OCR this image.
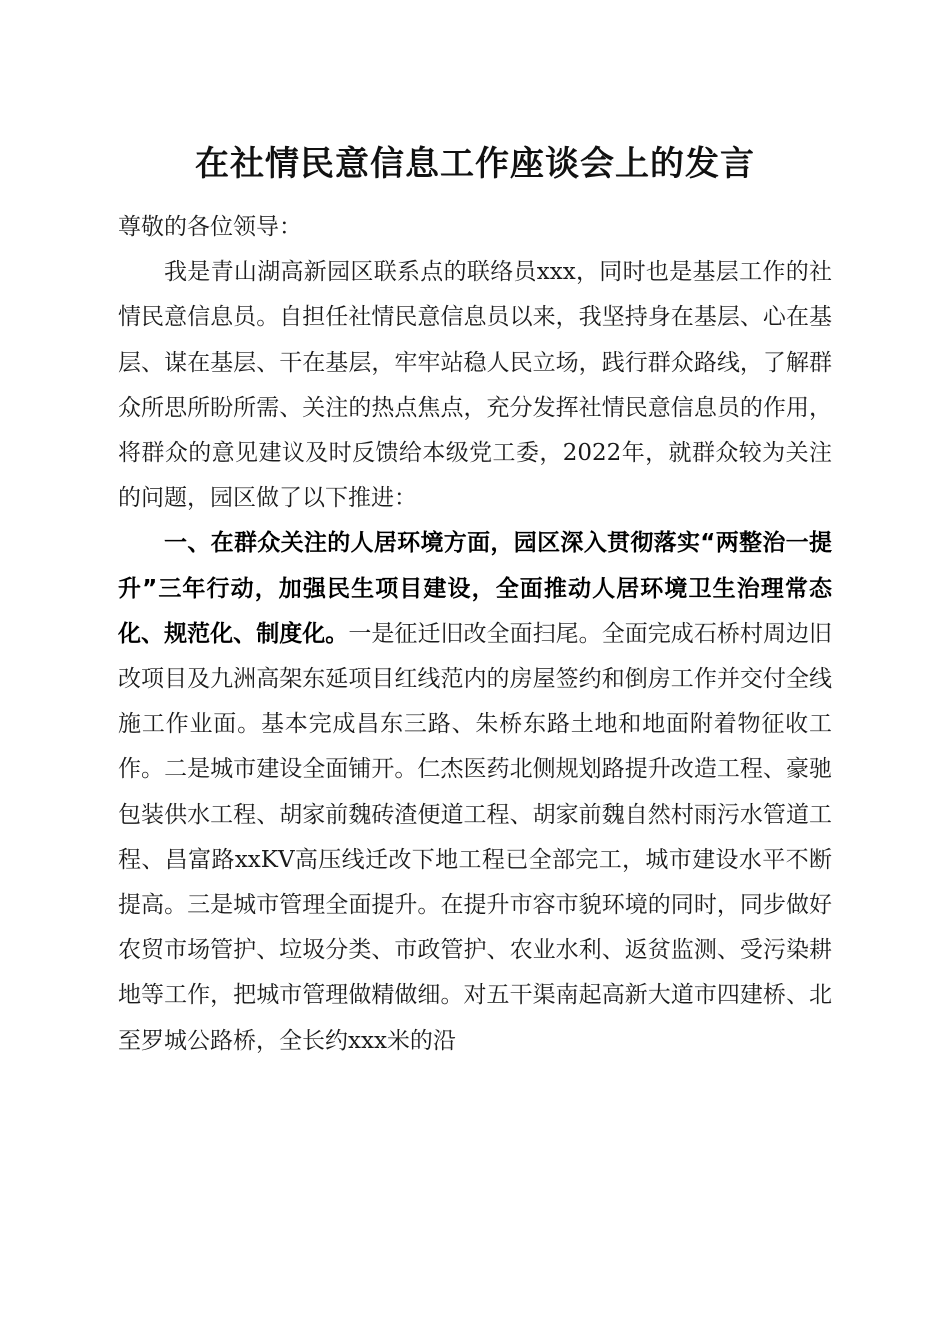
在社情民意信息工作座谈会上的发言

尊敬的各位领导：

我是青山湖高新园区联系点的联络员xxx，同时也是基层工作的社情民意信息员。自担任社情民意信息员以来，我坚持身在基层、心在基层、谋在基层、干在基层，牢牢站稳人民立场，践行群众路线，了解群众所思所盼所需、关注的热点焦点，充分发挥社情民意信息员的作用，将群众的意见建议及时反馈给本级党工委，2022年，就群众较为关注的问题，园区做了以下推进：

一、在群众关注的人居环境方面，园区深入贯彻落实“两整治一提升”三年行动，加强民生项目建设，全面推动人居环境卫生治理常态化、规范化、制度化。一是征迁旧改全面扫尾。全面完成石桥村周边旧改项目及九洲高架东延项目红线范内的房屋签约和倒房工作并交付全线施工作业面。基本完成昌东三路、朱桥东路土地和地面附着物征收工作。二是城市建设全面铺开。仁杰医药北侧规划路提升改造工程、豪驰包装供水工程、胡家前魏砖渣便道工程、胡家前魏自然村雨污水管道工程、昌富路xxKV高压线迁改下地工程已全部完工，城市建设水平不断提高。三是城市管理全面提升。在提升市容市貌环境的同时，同步做好农贸市场管护、垃圾分类、市政管护、农业水利、返贫监测、受污染耕地等工作，把城市管理做精做细。对五干渠南起高新大道市四建桥、北至罗城公路桥，全长约xxx米的沿
